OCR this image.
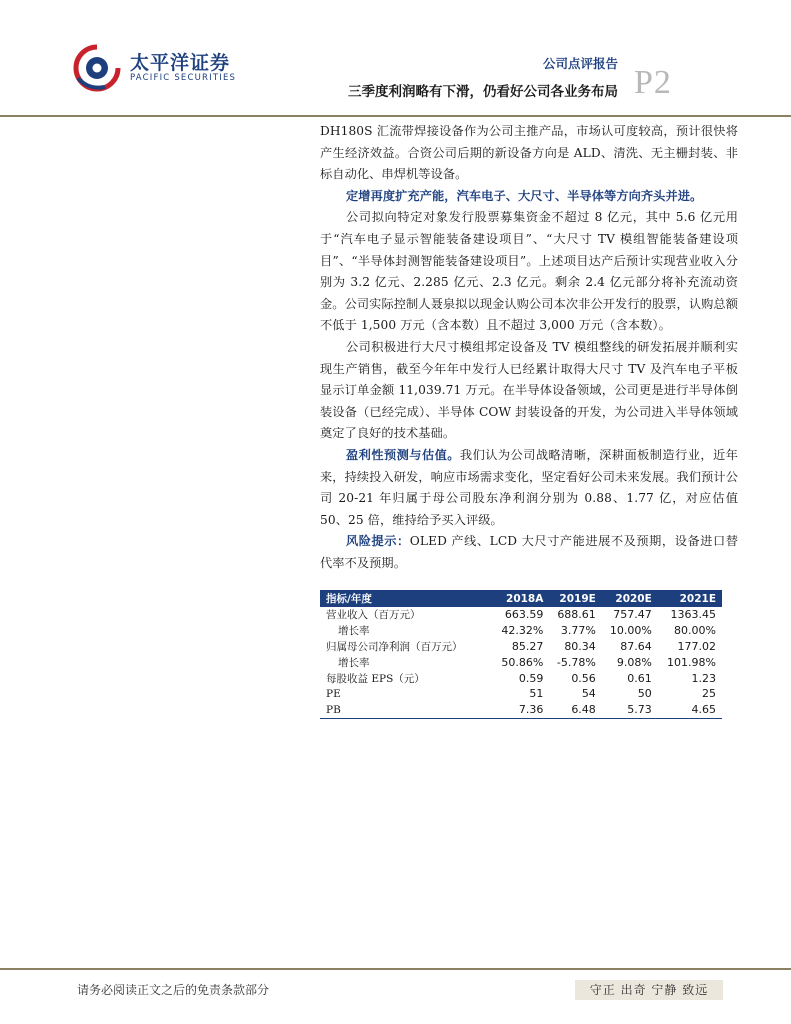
太平洋证券
PACIFIC SECURITIES
公司点评报告
三季度利润略有下滑，仍看好公司各业务布局 P2

DH180S 汇流带焊接设备作为公司主推产品，市场认可度较高，预计很快将产生经济效益。合资公司后期的新设备方向是 ALD、清洗、无主栅封装、非标自动化、串焊机等设备。

定增再度扩充产能，汽车电子、大尺寸、半导体等方向齐头并进。

公司拟向特定对象发行股票募集资金不超过 8 亿元，其中 5.6 亿元用于“汽车电子显示智能装备建设项目”、“大尺寸 TV 模组智能装备建设项目”、“半导体封测智能装备建设项目”。上述项目达产后预计实现营业收入分别为 3.2 亿元、2.285 亿元、2.3 亿元。剩余 2.4 亿元部分将补充流动资金。公司实际控制人聂泉拟以现金认购公司本次非公开发行的股票，认购总额不低于 1,500 万元（含本数）且不超过 3,000 万元（含本数）。

公司积极进行大尺寸模组邦定设备及 TV 模组整线的研发拓展并顺利实现生产销售，截至今年年中发行人已经累计取得大尺寸 TV 及汽车电子平板显示订单金额 11,039.71 万元。在半导体设备领域，公司更是进行半导体倒装设备（已经完成）、半导体 COW 封装设备的开发，为公司进入半导体领域奠定了良好的技术基础。

盈利性预测与估值。我们认为公司战略清晰，深耕面板制造行业，近年来，持续投入研发，响应市场需求变化，坚定看好公司未来发展。我们预计公司 20-21 年归属于母公司股东净利润分别为 0.88、1.77 亿，对应估值 50、25 倍，维持给予买入评级。

风险提示：OLED 产线、LCD 大尺寸产能进展不及预期，设备进口替代率不及预期。

指标/年度	2018A	2019E	2020E	2021E
营业收入（百万元）	663.59	688.61	757.47	1363.45
增长率	42.32%	3.77%	10.00%	80.00%
归属母公司净利润（百万元）	85.27	80.34	87.64	177.02
增长率	50.86%	-5.78%	9.08%	101.98%
每股收益 EPS（元）	0.59	0.56	0.61	1.23
PE	51	54	50	25
PB	7.36	6.48	5.73	4.65
请务必阅读正文之后的免责条款部分	守正 出奇 宁静 致远
